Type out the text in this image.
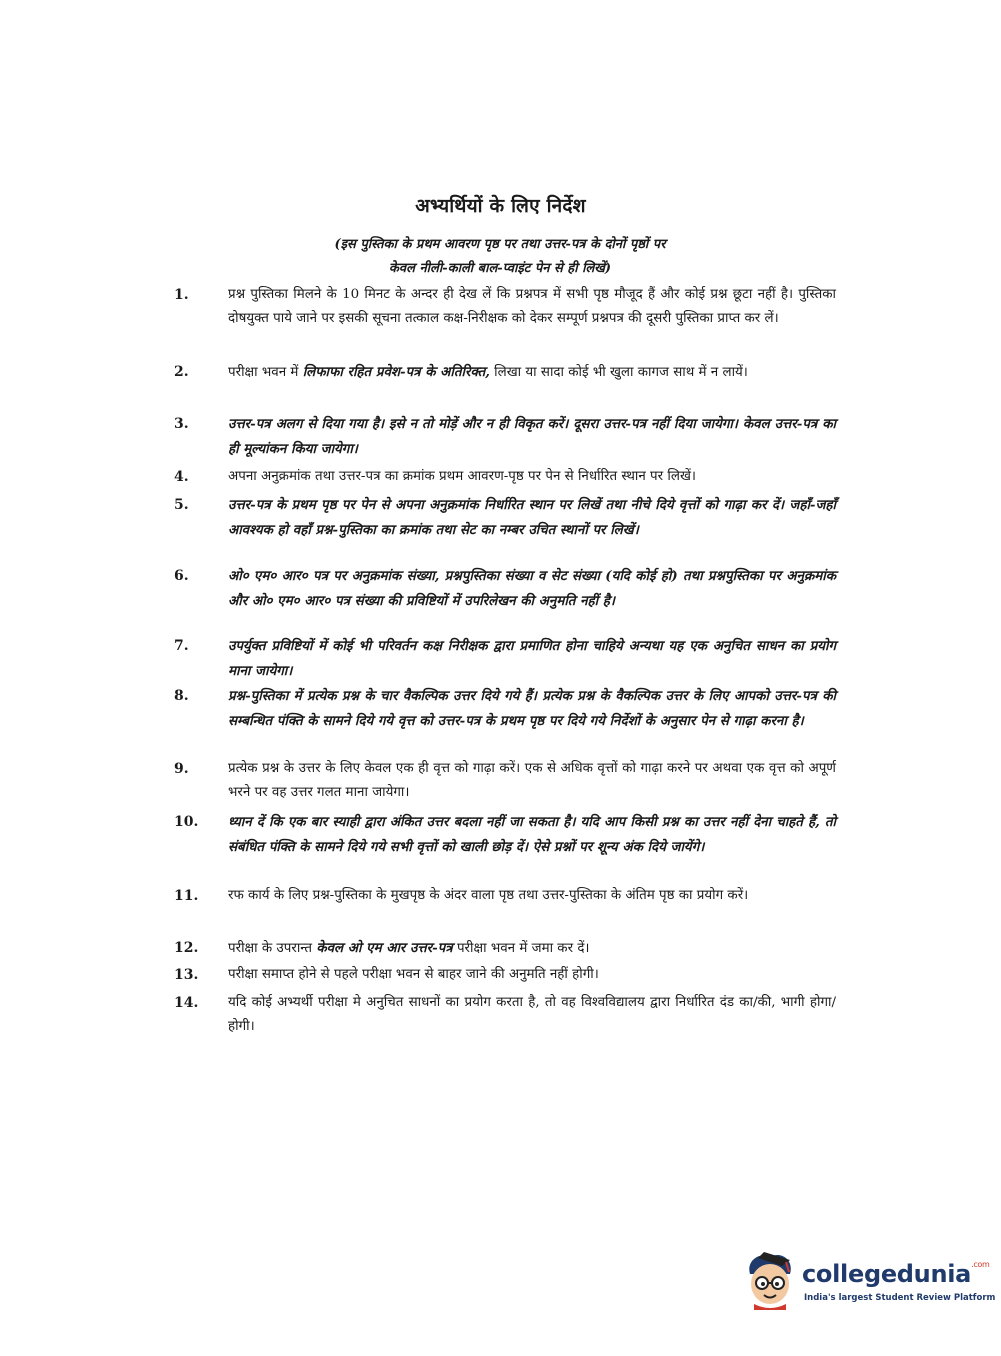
अभ्यर्थियों के लिए निर्देश
(इस पुस्तिका के प्रथम आवरण पृष्ठ पर तथा उत्तर-पत्र के दोनों पृष्ठों पर
केवल नीली-काली बाल-प्वाइंट पेन से ही लिखें)
1.	प्रश्न पुस्तिका मिलने के 10 मिनट के अन्दर ही देख लें कि प्रश्नपत्र में सभी पृष्ठ मौजूद हैं और कोई प्रश्न छूटा नहीं है। पुस्तिका दोषयुक्त पाये जाने पर इसकी सूचना तत्काल कक्ष-निरीक्षक को देकर सम्पूर्ण प्रश्नपत्र की दूसरी पुस्तिका प्राप्त कर लें।
2.	परीक्षा भवन में लिफाफा रहित प्रवेश-पत्र के अतिरिक्त, लिखा या सादा कोई भी खुला कागज साथ में न लायें।
3.	उत्तर-पत्र अलग से दिया गया है। इसे न तो मोड़ें और न ही विकृत करें। दूसरा उत्तर-पत्र नहीं दिया जायेगा। केवल उत्तर-पत्र का ही मूल्यांकन किया जायेगा।
4.	अपना अनुक्रमांक तथा उत्तर-पत्र का क्रमांक प्रथम आवरण-पृष्ठ पर पेन से निर्धारित स्थान पर लिखें।
5.	उत्तर-पत्र के प्रथम पृष्ठ पर पेन से अपना अनुक्रमांक निर्धारित स्थान पर लिखें तथा नीचे दिये वृत्तों को गाढ़ा कर दें। जहाँ-जहाँ आवश्यक हो वहाँ प्रश्न-पुस्तिका का क्रमांक तथा सेट का नम्बर उचित स्थानों पर लिखें।
6.	ओ० एम० आर० पत्र पर अनुक्रमांक संख्या, प्रश्नपुस्तिका संख्या व सेट संख्या (यदि कोई हो) तथा प्रश्नपुस्तिका पर अनुक्रमांक और ओ० एम० आर० पत्र संख्या की प्रविष्टियों में उपरिलेखन की अनुमति नहीं है।
7.	उपर्युक्त प्रविष्टियों में कोई भी परिवर्तन कक्ष निरीक्षक द्वारा प्रमाणित होना चाहिये अन्यथा यह एक अनुचित साधन का प्रयोग माना जायेगा।
8.	प्रश्न-पुस्तिका में प्रत्येक प्रश्न के चार वैकल्पिक उत्तर दिये गये हैं। प्रत्येक प्रश्न के वैकल्पिक उत्तर के लिए आपको उत्तर-पत्र की सम्बन्धित पंक्ति के सामने दिये गये वृत्त को उत्तर-पत्र के प्रथम पृष्ठ पर दिये गये निर्देशों के अनुसार पेन से गाढ़ा करना है।
9.	प्रत्येक प्रश्न के उत्तर के लिए केवल एक ही वृत्त को गाढ़ा करें। एक से अधिक वृत्तों को गाढ़ा करने पर अथवा एक वृत्त को अपूर्ण भरने पर वह उत्तर गलत माना जायेगा।
10.	ध्यान दें कि एक बार स्याही द्वारा अंकित उत्तर बदला नहीं जा सकता है। यदि आप किसी प्रश्न का उत्तर नहीं देना चाहते हैं, तो संबंधित पंक्ति के सामने दिये गये सभी वृत्तों को खाली छोड़ दें। ऐसे प्रश्नों पर शून्य अंक दिये जायेंगे।
11.	रफ कार्य के लिए प्रश्न-पुस्तिका के मुखपृष्ठ के अंदर वाला पृष्ठ तथा उत्तर-पुस्तिका के अंतिम पृष्ठ का प्रयोग करें।
12.	परीक्षा के उपरान्त केवल ओ एम आर उत्तर-पत्र परीक्षा भवन में जमा कर दें।
13.	परीक्षा समाप्त होने से पहले परीक्षा भवन से बाहर जाने की अनुमति नहीं होगी।
14.	यदि कोई अभ्यर्थी परीक्षा मे अनुचित साधनों का प्रयोग करता है, तो वह विश्वविद्यालय द्वारा निर्धारित दंड का/की, भागी होगा/होगी।
collegedunia$^{.com}$
India's largest Student Review Platform
